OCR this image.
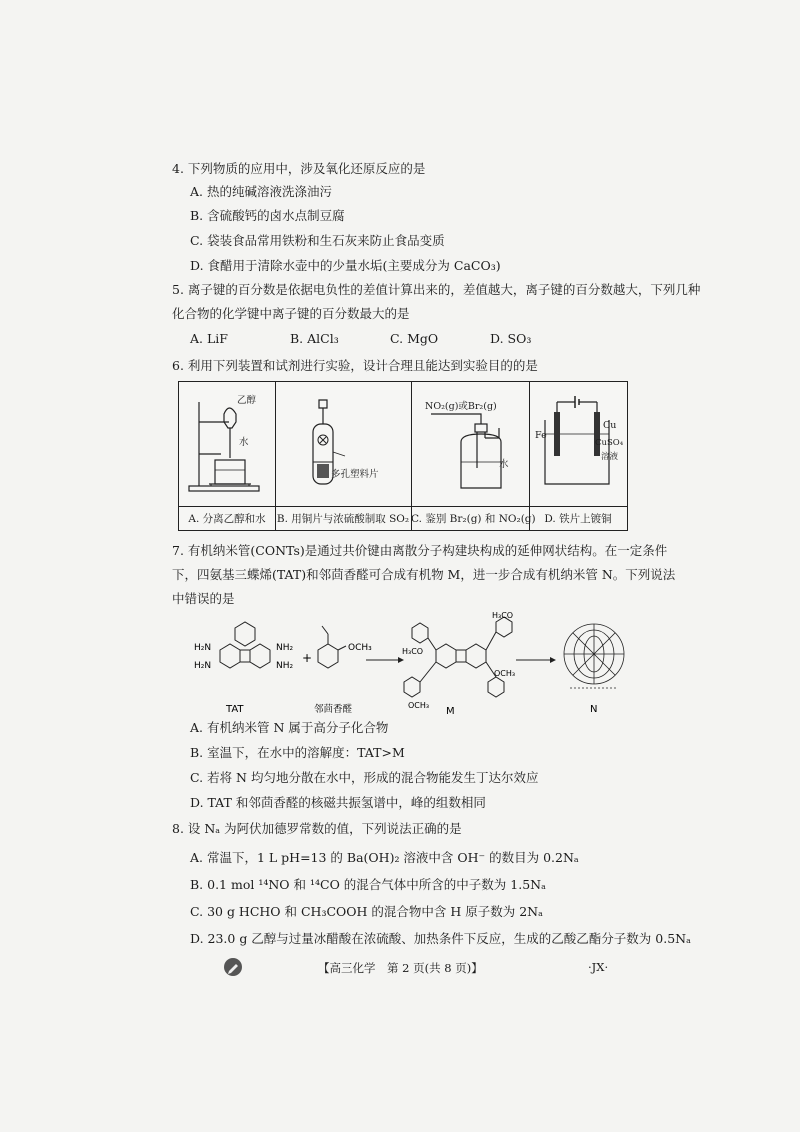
4. 下列物质的应用中，涉及氧化还原反应的是
A. 热的纯碱溶液洗涤油污
B. 含硫酸钙的卤水点制豆腐
C. 袋装食品常用铁粉和生石灰来防止食品变质
D. 食醋用于清除水壶中的少量水垢(主要成分为 CaCO₃)
5. 离子键的百分数是依据电负性的差值计算出来的，差值越大，离子键的百分数越大，下列几种
化合物的化学键中离子键的百分数最大的是
A. LiF	B. AlCl₃	C. MgO	D. SO₃
6. 利用下列装置和试剂进行实验，设计合理且能达到实验目的的是
乙醇
水
多孔塑料片
NO₂(g)或Br₂(g)
水
Fe
Cu
CuSO₄
溶液
A. 分离乙醇和水	B. 用铜片与浓硫酸制取 SO₂ C. 鉴别 Br₂(g) 和 NO₂(g) D. 铁片上镀铜
7. 有机纳米管(CONTs)是通过共价键由离散分子构建块构成的延伸网状结构。在一定条件
下，四氨基三蝶烯(TAT)和邻茴香醛可合成有机物 M，进一步合成有机纳米管 N。下列说法
中错误的是
NH₂
NH₂
H₂N
H₂N
TAT
+
OCH₃
邻茴香醛
H₃CO
H₃CO
OCH₃
OCH₃
M	N
A. 有机纳米管 N 属于高分子化合物
B. 室温下，在水中的溶解度：TAT>M
C. 若将 N 均匀地分散在水中，形成的混合物能发生丁达尔效应
D. TAT 和邻茴香醛的核磁共振氢谱中，峰的组数相同
8. 设 Nₐ 为阿伏加德罗常数的值，下列说法正确的是
A. 常温下，1 L pH=13 的 Ba(OH)₂ 溶液中含 OH⁻ 的数目为 0.2Nₐ
B. 0.1 mol ¹⁴NO 和 ¹⁴CO 的混合气体中所含的中子数为 1.5Nₐ
C. 30 g HCHO 和 CH₃COOH 的混合物中含 H 原子数为 2Nₐ
D. 23.0 g 乙醇与过量冰醋酸在浓硫酸、加热条件下反应，生成的乙酸乙酯分子数为 0.5Nₐ
【高三化学　第 2 页(共 8 页)】	·JX·
